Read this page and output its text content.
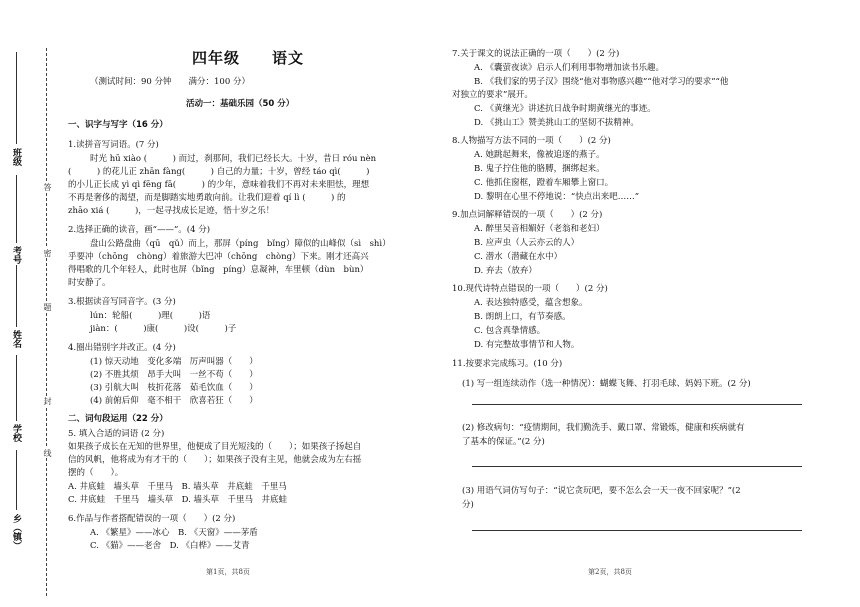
答
密
题
封
线
班级
考号
姓名
学校
乡（镇）
四年级　　语文
（测试时间：90 分钟　　满分：100 分）
活动一：基础乐园（50 分）
一、识字与写字（16 分）
1.读拼音写词语。(7 分)
时光 hū xiào (　　　) 而过，刹那间，我们已经长大。十岁，昔日 róu nèn
(　　　) 的花儿正 zhān fàng(　　　) 自己的力量；十岁，曾经 táo qì(　　　)
的小儿正长成 yì qì fēng fā(　　　) 的少年，意味着我们不再对未来胆怯，理想
不再是奢侈的渴望，而是脚踏实地勇敢向前。让我们迎着 qí lì (　　　) 的
zhāo xiá (　　　)，一起寻找成长足迹，悟十岁之乐！
2.选择正确的读音，画“——”。(4 分)
盘山公路盘曲（qū　qǔ）而上，那屏（píng　bǐng）障似的山峰似（sì　shì）
乎要冲（chōng　chòng）着旅游大巴冲（chōng　chòng）下来。刚才还高兴
得唱歌的几个年轻人，此时也屏（bǐng　píng）息凝神，车里顿（dùn　bùn）
时安静了。
3.根据读音写同音字。(3 分)
lún：轮船(　　　)理(　　　)语
jiàn：(　　　)康(　　　)设(　　　)子
4.圈出错别字并改正。(4 分)
(1) 惊天动地　变化多端　厉声叫器（　　）
(2) 不胜其烦　昂手大叫　一丝不苟（　　）
(3) 引航大叫　枝折花落　茹毛饮血（　　）
(4) 前俯后仰　毫不相干　欣喜若狂（　　）
二、词句段运用（22 分）
5. 填入合适的词语 (2 分)
如果孩子成长在无知的世界里，他便成了目光短浅的（　　）；如果孩子扬起自
信的风帆，他将成为有才干的（　　）；如果孩子没有主见，他就会成为左右摇
摆的（　　）。
A. 井底蛙　墙头草　千里马　B. 墙头草　井底蛙　千里马
C. 井底蛙　千里马　墙头草　D. 墙头草　千里马　井底蛙
6.作品与作者搭配错误的一项（　　）(2 分)
A. 《繁星》——冰心　B. 《天窗》——茅盾
C. 《猫》——老舍　D. 《白桦》——艾青
第1页，共8页
7.关于课文的说法正确的一项（　　）(2 分)
A. 《囊萤夜读》启示人们利用事物增加读书乐趣。
B. 《我们家的男子汉》围绕“他对事物感兴趣”“他对学习的要求”“他
对独立的要求”展开。
C. 《黄继光》讲述抗日战争时期黄继光的事迹。
D. 《挑山工》赞美挑山工的坚韧不拔精神。
8.人物描写方法不同的一项（　　）(2 分)
A. 她跳起舞来，像被追逐的燕子。
B. 鬼子拧住他的胳膊，捆绑起来。
C. 他抓住窗框，蹬着车厢攀上窗口。
D. 黎明在心里不停地说：“快点出来吧……”
9.加点词解释错误的一项（　　）(2 分)
A. 醉里吴音相媚好（老翁和老妇）
B. 应声虫（人云亦云的人）
C. 潜水（潜藏在水中）
D. 弃去（放弃）
10.现代诗特点错误的一项（　　）(2 分)
A. 表达独特感受，蕴含想象。
B. 朗朗上口，有节奏感。
C. 包含真挚情感。
D. 有完整故事情节和人物。
11.按要求完成练习。(10 分)
(1) 写一组连续动作（选一种情况）：蝴蝶飞舞、打羽毛球、妈妈下班。(2 分)
(2) 修改病句：“疫情期间，我们勤洗手、戴口罩、常锻炼，健康和疾病就有
了基本的保证。”(2 分)
(3) 用语气词仿写句子：“说它贪玩吧，要不怎么会一天一夜不回家呢？”(2
分)
第2页，共8页
